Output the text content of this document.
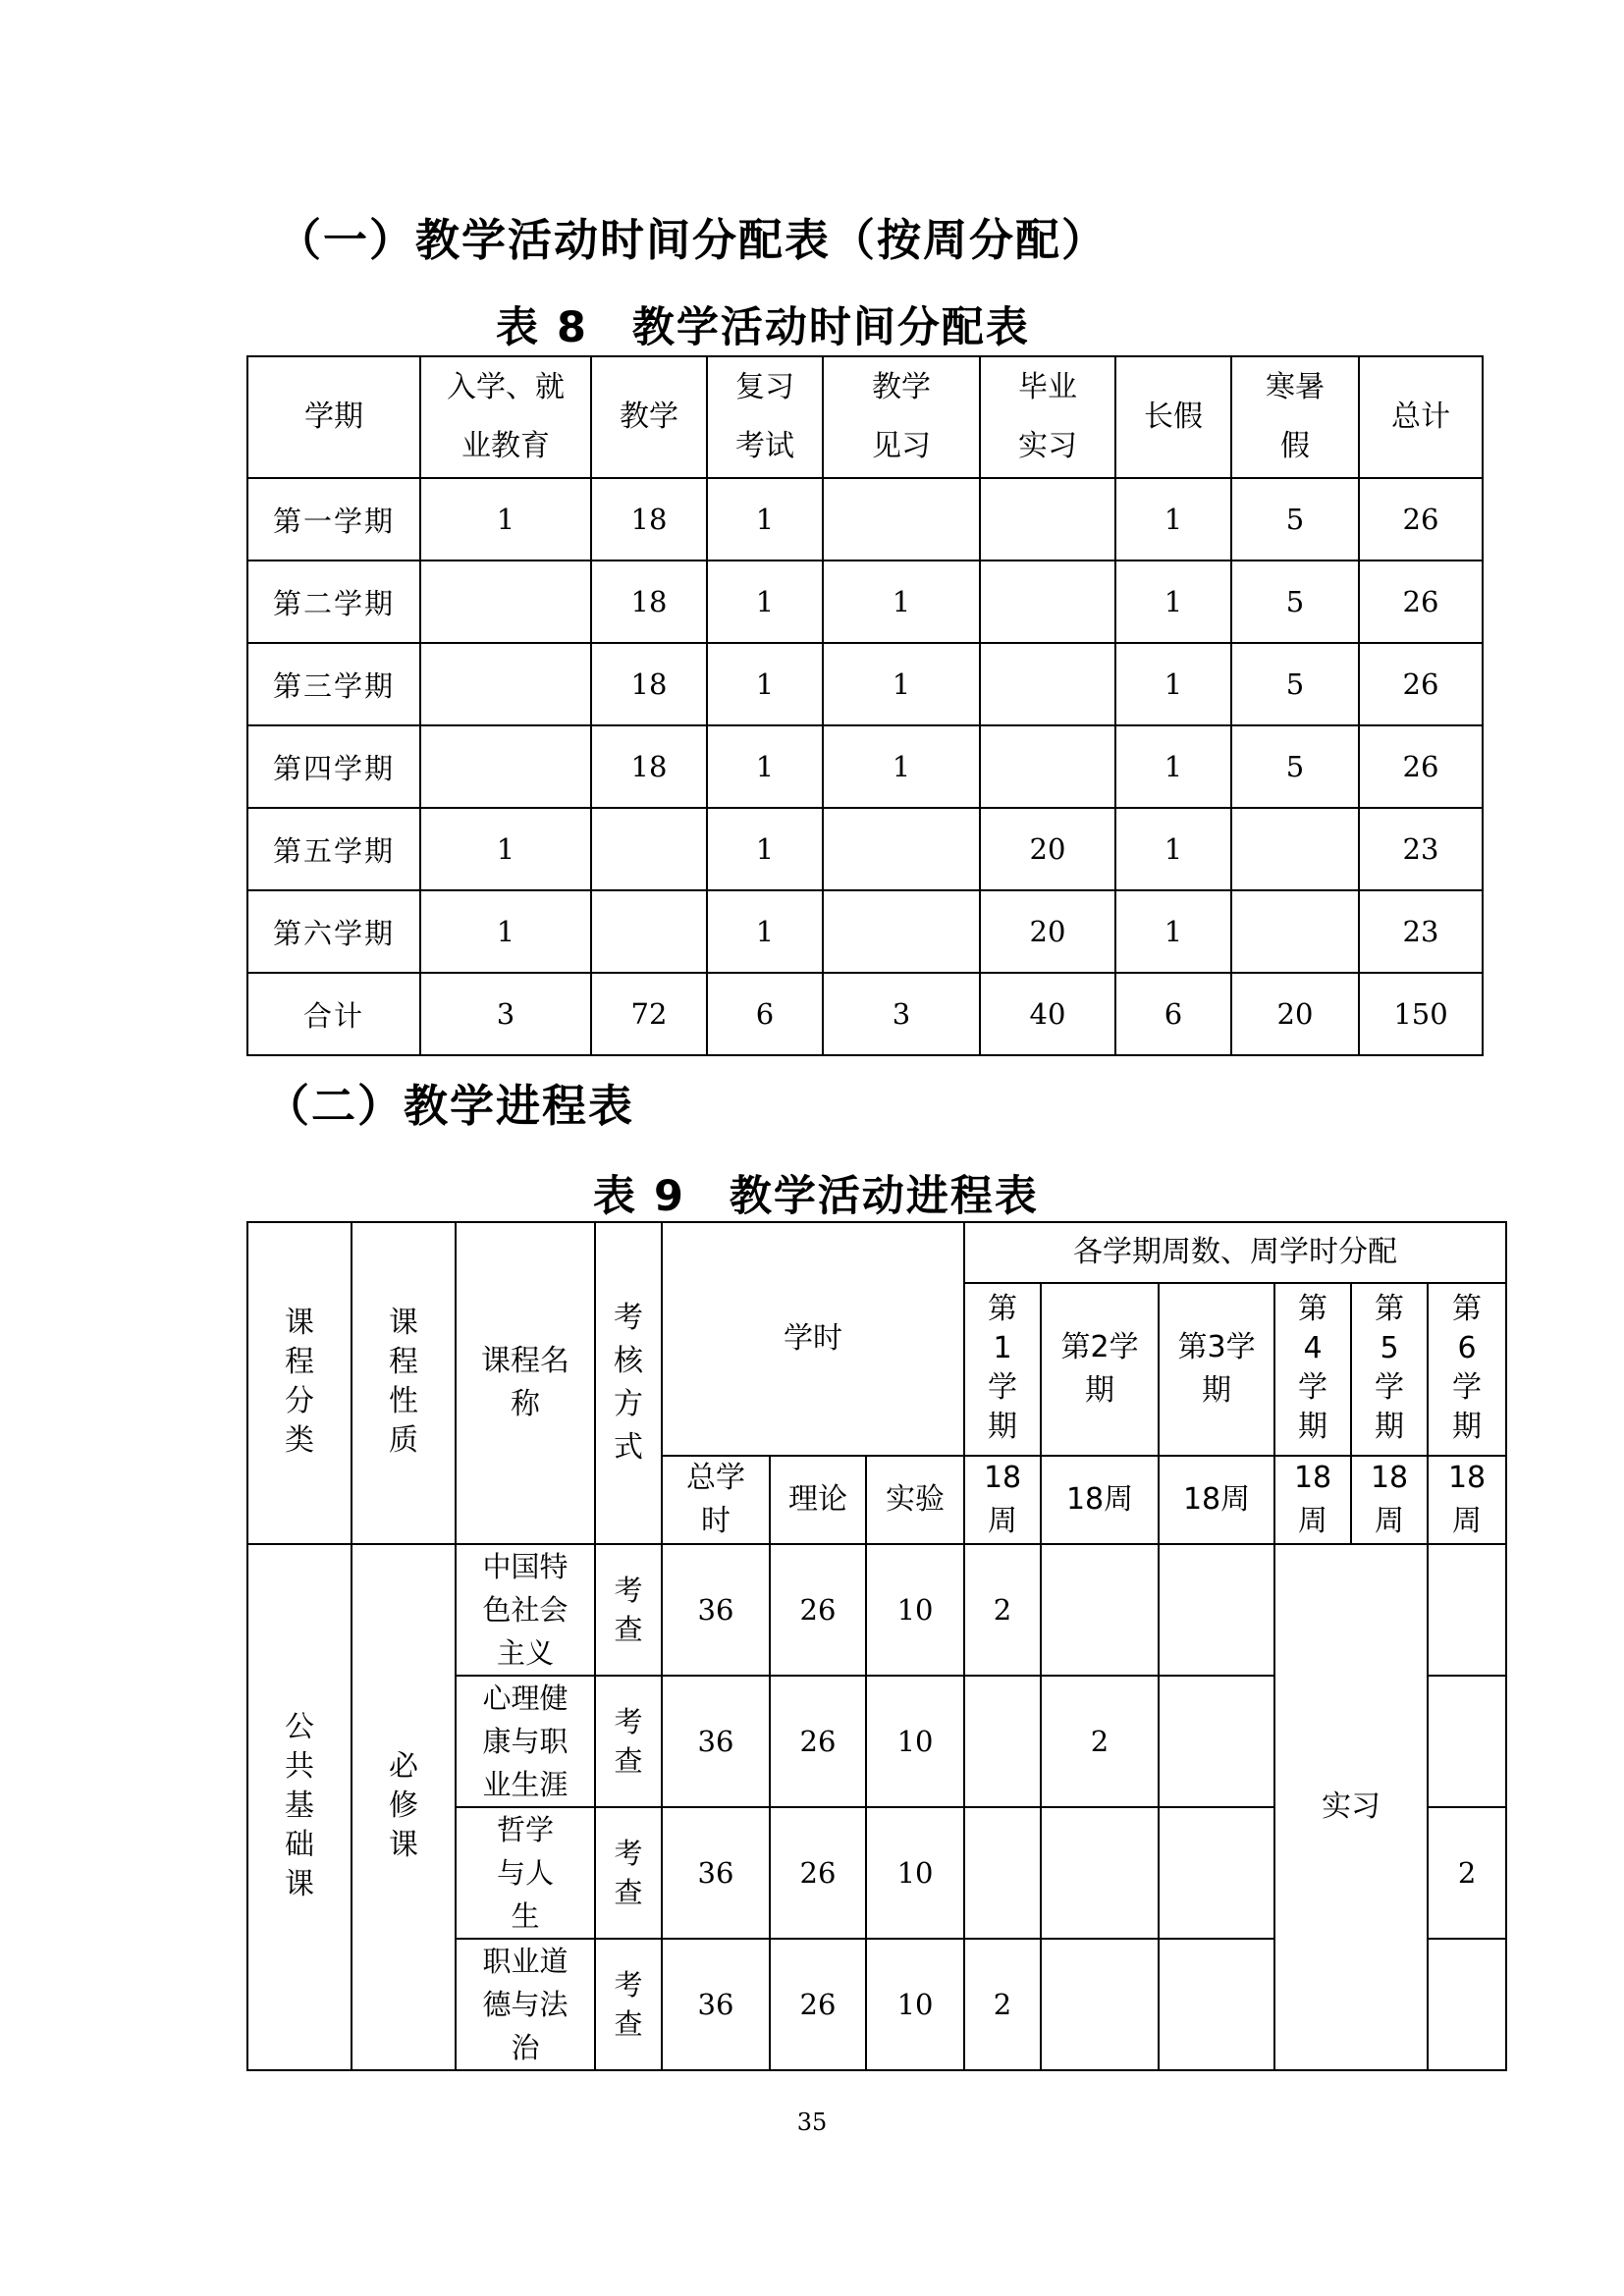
（一）教学活动时间分配表（按周分配）
表 8　教学活动时间分配表
学期	入学、就业教育	教学	复习考试	教学见习	毕业实习	长假	寒暑假	总计
第一学期	1	18	1			1	5	26
第二学期		18	1	1		1	5	26
第三学期		18	1	1		1	5	26
第四学期		18	1	1		1	5	26
第五学期	1		1		20	1		23
第六学期	1		1		20	1		23
合计	3	72	6	3	40	6	20	150
（二）教学进程表
表 9　教学活动进程表
课程分类	课程性质	课程名称	考核方式	学时			各学期周数、周学时分配					
							第1学期	第2学期	第3学期	第4学期	第5学期	第6学期
				总学时	理论	实验	18周	18周	18周	18周	18周	18周
公共基础课	必修课	中国特色社会主义	考查	36	26	10	2			实习		
		心理健康与职业生涯	考查	36	26	10		2				
		哲学与人生	考查	36	26	10						2
		职业道德与法治	考查	36	26	10	2					
35
